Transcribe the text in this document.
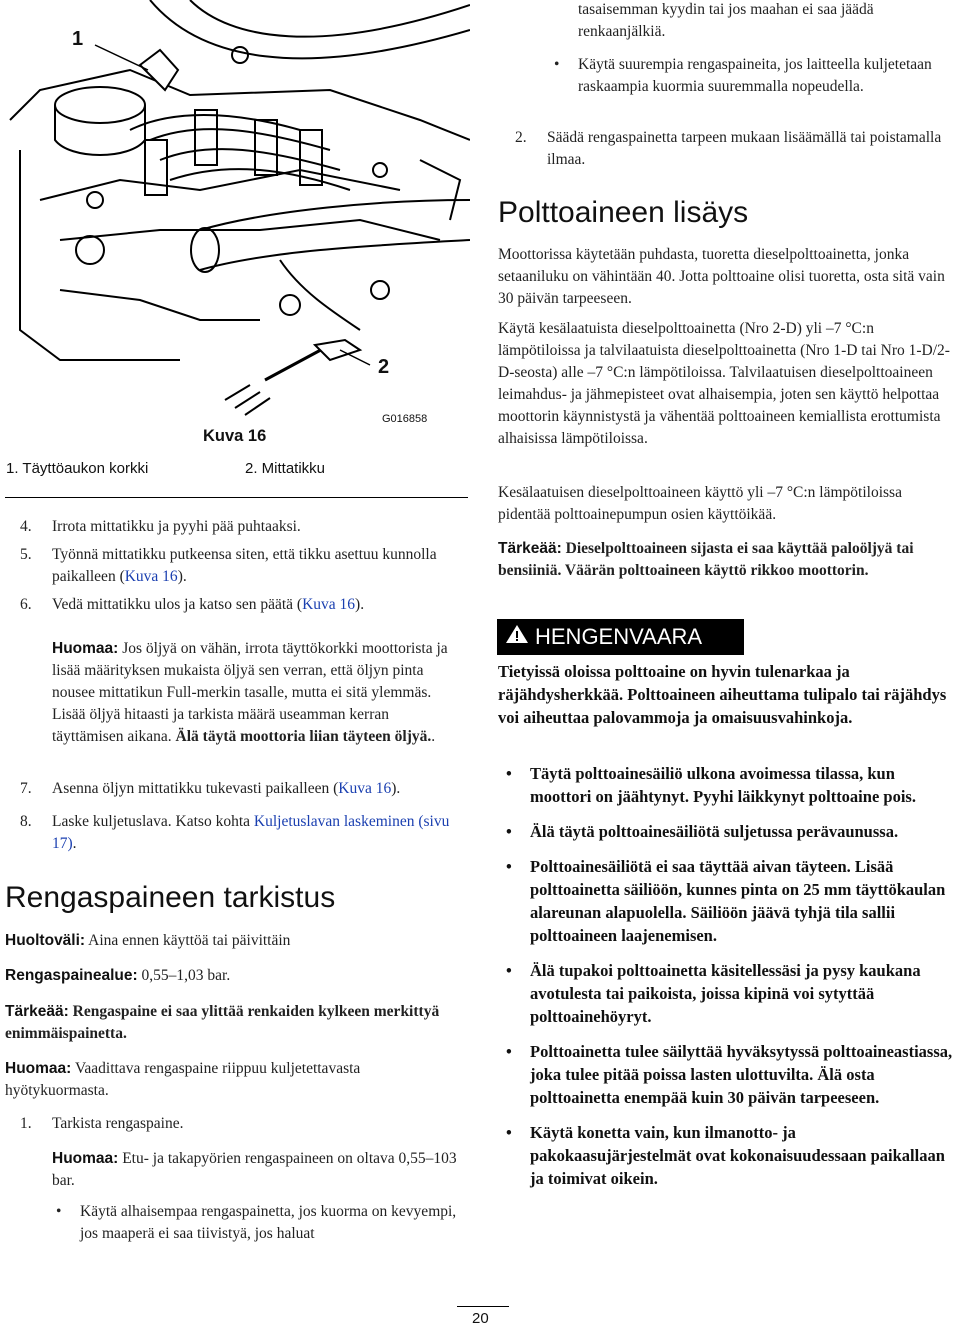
1
2
G016858
Kuva 16
1. Täyttöaukon korkki	2. Mittatikku
4.	Irrota mittatikku ja pyyhi pää puhtaaksi.
5.	Työnnä mittatikku putkeensa siten, että tikku asettuu kunnolla paikalleen (Kuva 16).
6.	Vedä mittatikku ulos ja katso sen päätä (Kuva 16).
Huomaa: Jos öljyä on vähän, irrota täyttökorkki moottorista ja lisää määrityksen mukaista öljyä sen verran, että öljyn pinta nousee mittatikun Full-merkin tasalle, mutta ei sitä ylemmäs. Lisää öljyä hitaasti ja tarkista määrä useamman kerran täyttämisen aikana. Älä täytä moottoria liian täyteen öljyä..
7.	Asenna öljyn mittatikku tukevasti paikalleen (Kuva 16).
8.	Laske kuljetuslava. Katso kohta Kuljetuslavan laskeminen (sivu 17).
Rengaspaineen tarkistus
Huoltoväli: Aina ennen käyttöä tai päivittäin
Rengaspainealue: 0,55–1,03 bar.
Tärkeää: Rengaspaine ei saa ylittää renkaiden kylkeen merkittyä enimmäispainetta.
Huomaa: Vaadittava rengaspaine riippuu kuljetettavasta hyötykuormasta.
1.	Tarkista rengaspaine.
Huomaa: Etu- ja takapyörien rengaspaineen on oltava 0,55–103 bar.
• Käytä alhaisempaa rengaspainetta, jos kuorma on kevyempi, jos maaperä ei saa tiivistyä, jos haluat
tasaisemman kyydin tai jos maahan ei saa jäädä renkaanjälkiä.
• Käytä suurempia rengaspaineita, jos laitteella kuljetetaan raskaampia kuormia suuremmalla nopeudella.
2.	Säädä rengaspainetta tarpeen mukaan lisäämällä tai poistamalla ilmaa.
Polttoaineen lisäys
Moottorissa käytetään puhdasta, tuoretta dieselpolttoainetta, jonka setaaniluku on vähintään 40. Jotta polttoaine olisi tuoretta, osta sitä vain 30 päivän tarpeeseen.
Käytä kesälaatuista dieselpolttoainetta (Nro 2-D) yli –7 °C:n lämpötiloissa ja talvilaatuista dieselpolttoainetta (Nro 1-D tai Nro 1-D/2-D-seosta) alle –7 °C:n lämpötiloissa. Talvilaatuisen dieselpolttoaineen leimahdus- ja jähmepisteet ovat alhaisempia, joten sen käyttö helpottaa moottorin käynnistystä ja vähentää polttoaineen kemiallista erottumista alhaisissa lämpötiloissa.
Kesälaatuisen dieselpolttoaineen käyttö yli –7 °C:n lämpötiloissa pidentää polttoainepumpun osien käyttöikää.
Tärkeää: Dieselpolttoaineen sijasta ei saa käyttää paloöljyä tai bensiiniä. Väärän polttoaineen käyttö rikkoo moottorin.
HENGENVAARA
Tietyissä oloissa polttoaine on hyvin tulenarkaa ja räjähdysherkkää. Polttoaineen aiheuttama tulipalo tai räjähdys voi aiheuttaa palovammoja ja omaisuusvahinkoja.
• Täytä polttoainesäiliö ulkona avoimessa tilassa, kun moottori on jäähtynyt. Pyyhi läikkynyt polttoaine pois.
• Älä täytä polttoainesäiliötä suljetussa perävaunussa.
• Polttoainesäiliötä ei saa täyttää aivan täyteen. Lisää polttoainetta säiliöön, kunnes pinta on 25 mm täyttökaulan alareunan alapuolella. Säiliöön jäävä tyhjä tila sallii polttoaineen laajenemisen.
• Älä tupakoi polttoainetta käsitellessäsi ja pysy kaukana avotulesta tai paikoista, joissa kipinä voi sytyttää polttoainehöyryt.
• Polttoainetta tulee säilyttää hyväksytyssä polttoaineastiassa, joka tulee pitää poissa lasten ulottuvilta. Älä osta polttoainetta enempää kuin 30 päivän tarpeeseen.
• Käytä konetta vain, kun ilmanotto- ja pakokaasujärjestelmät ovat kokonaisuudessaan paikallaan ja toimivat oikein.
20
